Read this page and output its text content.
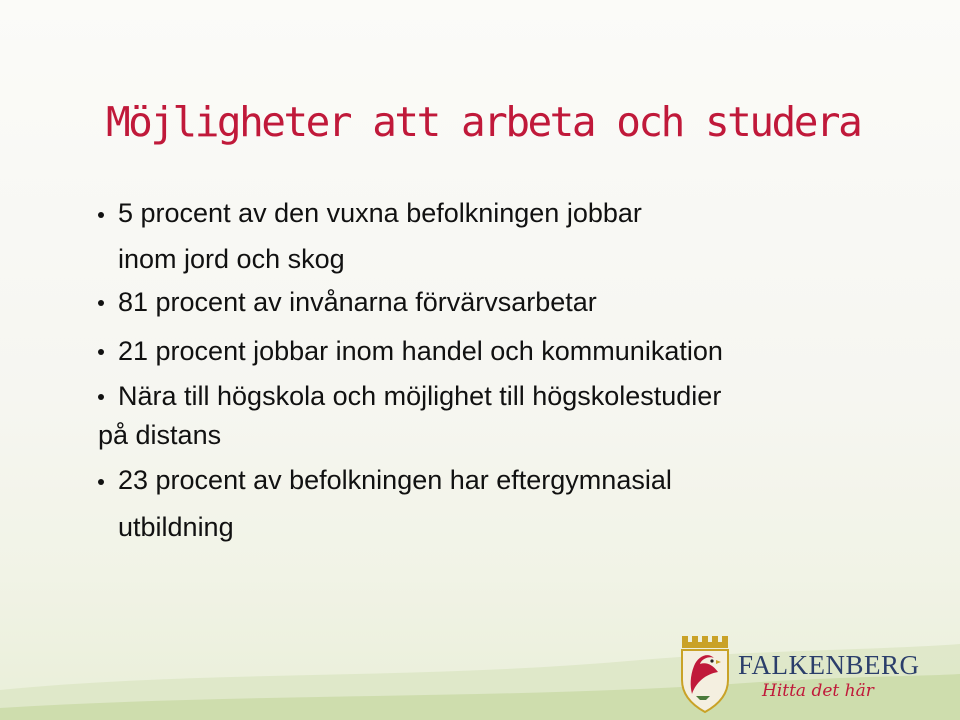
Möjligheter att arbeta och studera
5 procent av den vuxna befolkningen jobbar
inom jord och skog
81 procent av invånarna förvärvsarbetar
21 procent jobbar inom handel och kommunikation
Nära till högskola och möjlighet till högskolestudier
på distans
23 procent av befolkningen har eftergymnasial
utbildning
FALKENBERG
Hitta det här
